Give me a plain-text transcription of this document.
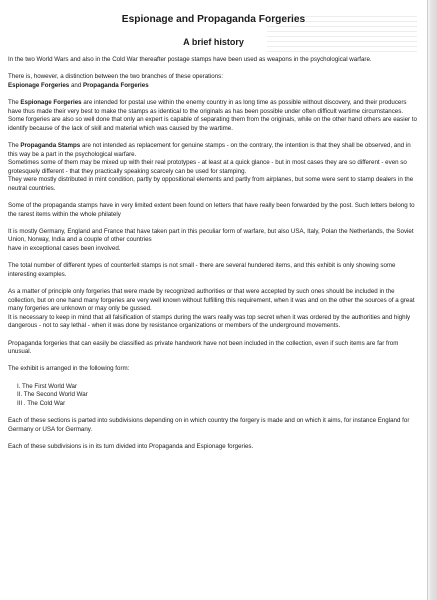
Espionage and Propaganda Forgeries
A brief history

In the two World Wars and also in the Cold War thereafter postage stamps have been used as weapons in the psychological warfare.

There is, however, a distinction between the two branches of these operations:
Espionage Forgeries and Propaganda Forgeries

The Espionage Forgeries are intended for postal use within the enemy country in as long time as possible without discovery, and their producers have thus made their very best to make the stamps as identical to the originals as has been possible under often difficult wartime circumstances.
Some forgeries are also so well done that only an expert is capable of separating them from the originals, while on the other hand others are easier to identify because of the lack of skill and material which was caused by the wartime.

The Propaganda Stamps are not intended as replacement for genuine stamps - on the contrary, the intention is that they shall be observed, and in this way be a part in the psychological warfare.
Sometimes some of them may be mixed up with their real prototypes - at least at a quick glance - but in most cases they are so different - even so grotesquely different - that they practically speaking scarcely can be used for stamping.
They were mostly distributed in mint condition, partly by oppositional elements and partly from airplanes, but some were sent to stamp dealers in the neutral countries.

Some of the propaganda stamps have in very limited extent been found on letters that have really been forwarded by the post. Such letters belong to the rarest items within the whole philately

It is mostly Germany, England and France that have taken part in this peculiar form of warfare, but also USA, Italy, Polan the Netherlands, the Soviet Union, Norway, India and a couple of other countries
have in exceptional cases been involved.

The total number of different types of counterfeit stamps is not small - there are several hundered items, and this exhibit is only showing some interesting examples.

As a matter of principle only forgeries that were made by recognized authorities or that were accepted by such ones should be included in the collection, but on one hand many forgeries are very well known without fulfilling this requirement, when it was and on the other the sources of a great many forgeries are unknown or may only be gussed.
It is necessary to keep in mind that all falsification of stamps during the wars really was top secret when it was ordered by the authorities and highly dangerous - not to say lethal - when it was done by resistance organizations or members of the underground movements.

Propaganda forgeries that can easily be classified as private handwork have not been included in the collection, even if such items are far from unusual.

The exhibit is arranged in the following form:

I. The First World War
II. The Second World War
III . The Cold War

Each of these sections is parted into subdivisions depending on in which country the forgery is made and on which it aims, for instance England for Germany or USA for Germany.

Each of these subdivisions is in its turn divided into Propaganda and Espionage forgeries.
